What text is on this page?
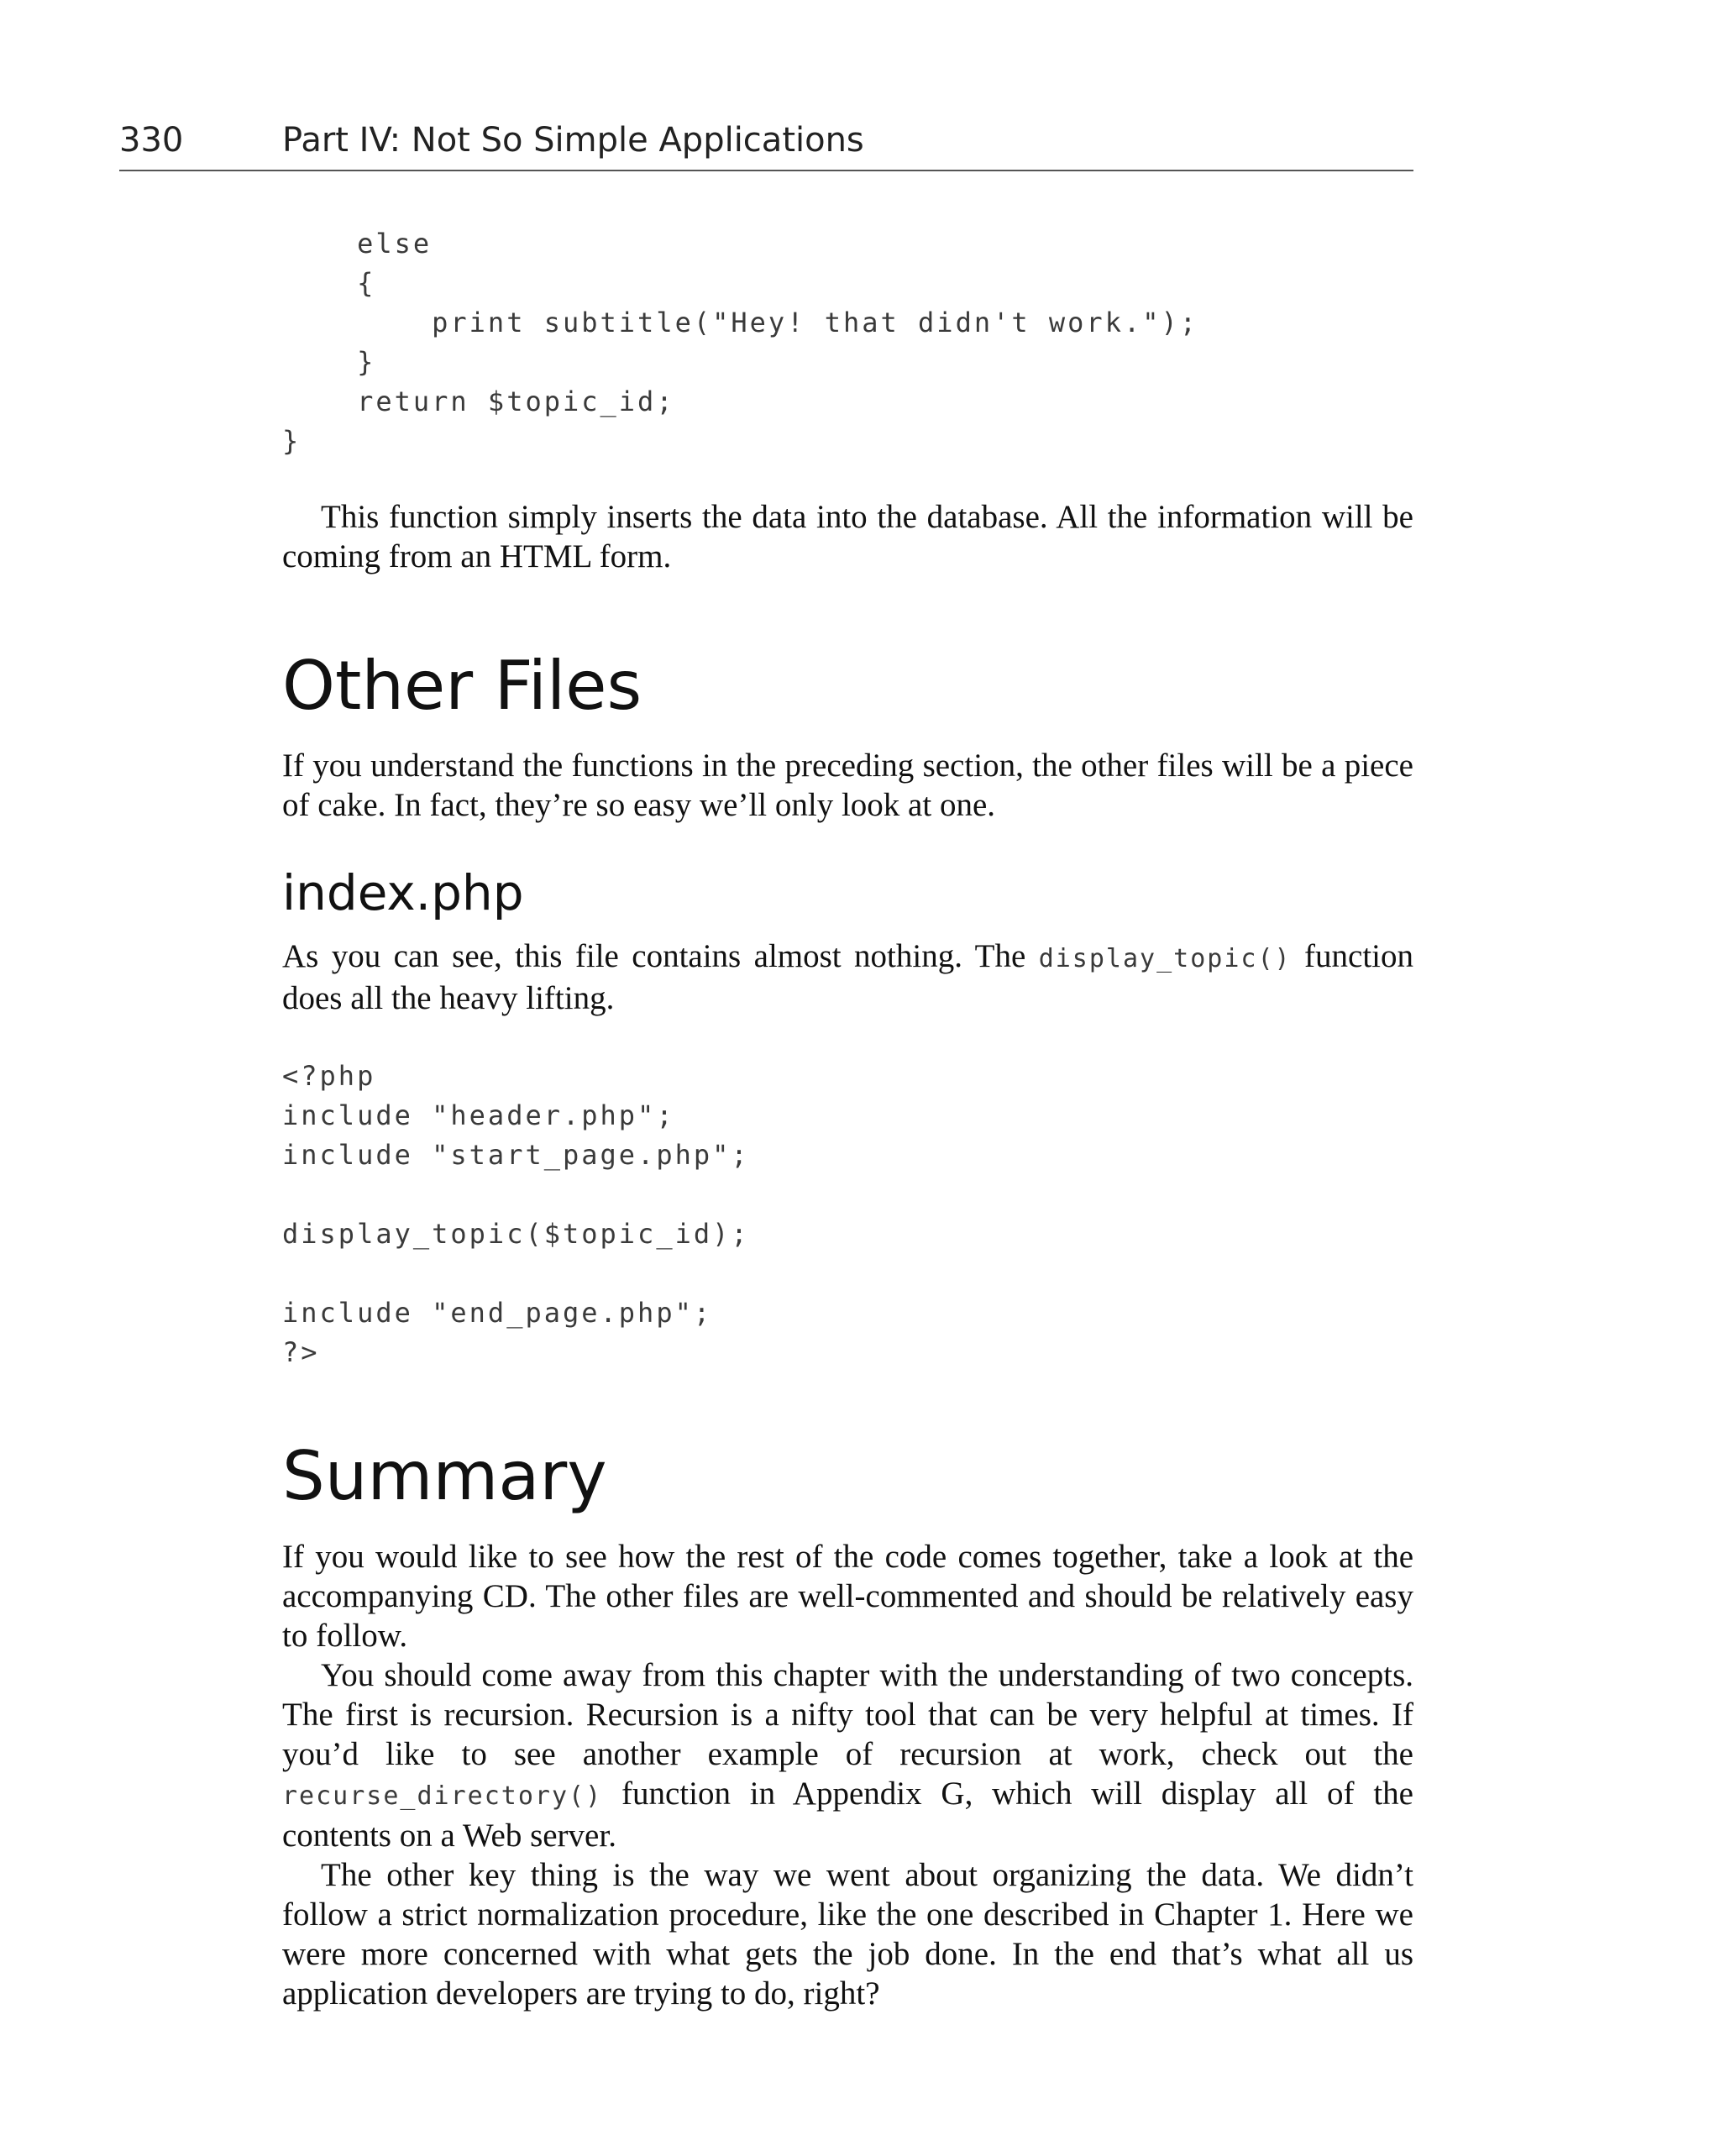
330	Part IV: Not So Simple Applications
else
{
print subtitle("Hey! that didn't work.");
}
return $topic_id;
}

This function simply inserts the data into the database. All the information will be coming from an HTML form.

Other Files

If you understand the functions in the preceding section, the other files will be a piece of cake. In fact, they’re so easy we’ll only look at one.

index.php

As you can see, this file contains almost nothing. The display_topic() function does all the heavy lifting.

<?php
include "header.php";
include "start_page.php";
display_topic($topic_id);
include "end_page.php";
?>
Summary

If you would like to see how the rest of the code comes together, take a look at the accompanying CD. The other files are well-commented and should be relatively easy to follow.

You should come away from this chapter with the understanding of two concepts. The first is recursion. Recursion is a nifty tool that can be very helpful at times. If you’d like to see another example of recursion at work, check out the recurse_directory() function in Appendix G, which will display all of the contents on a Web server.

The other key thing is the way we went about organizing the data. We didn’t follow a strict normalization procedure, like the one described in Chapter 1. Here we were more concerned with what gets the job done. In the end that’s what all us application developers are trying to do, right?
